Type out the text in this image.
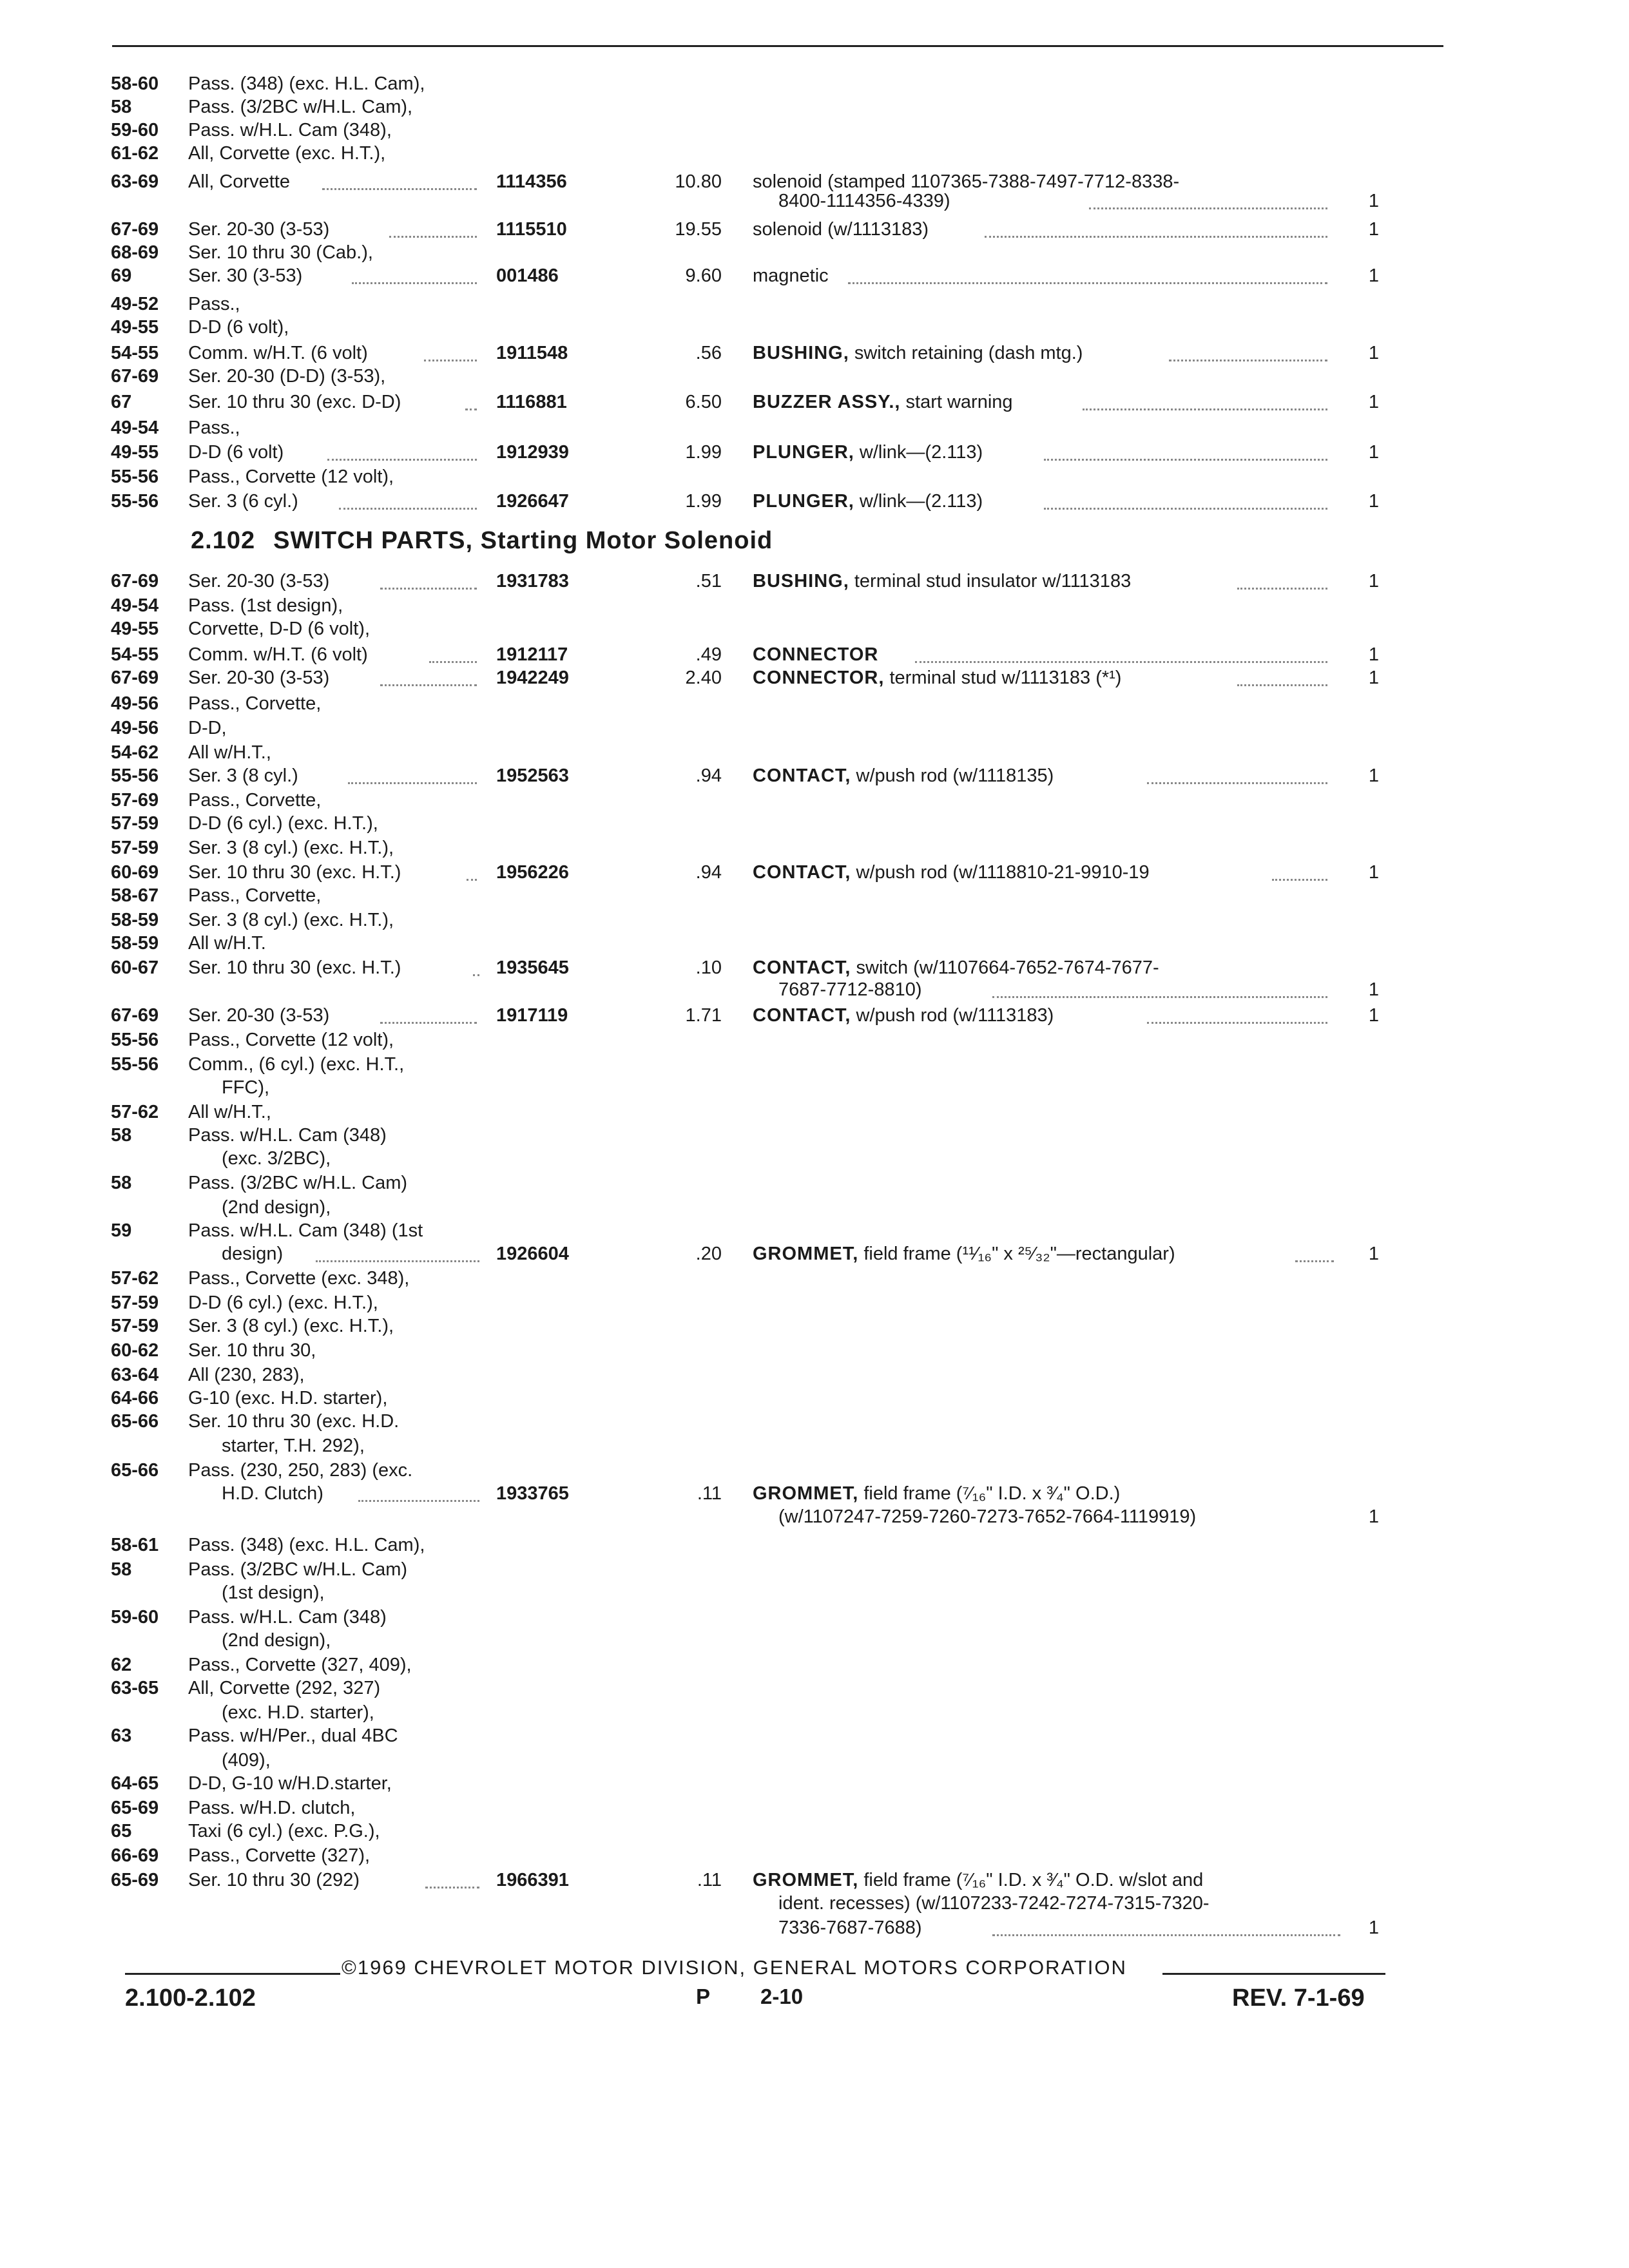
2.102 SWITCH PARTS, Starting Motor Solenoid
58-60 Pass. (348) (exc. H.L. Cam),
58	Pass. (3/2BC w/H.L. Cam),
59-60 Pass. w/H.L. Cam (348),
61-62 All, Corvette (exc. H.T.),
63-69 All, Corvette	1114356	10.80 solenoid (stamped 1107365-7388-7497-7712-8338-
8400-1114356-4339)	1
67-69 Ser. 20-30 (3-53)	1115510	19.55 solenoid (w/1113183)	1
68-69 Ser. 10 thru 30 (Cab.),
69	Ser. 30 (3-53)	001486	9.60 magnetic	1
49-52 Pass.,
49-55 D-D (6 volt),
54-55 Comm. w/H.T. (6 volt)	1911548	.56 BUSHING, switch retaining (dash mtg.)	1
67-69 Ser. 20-30 (D-D) (3-53),
67	Ser. 10 thru 30 (exc. D-D)	1116881	6.50 BUZZER ASSY., start warning	1
49-54 Pass.,
49-55 D-D (6 volt)	1912939	1.99 PLUNGER, w/link—(2.113)	1
55-56 Pass., Corvette (12 volt),
55-56 Ser. 3 (6 cyl.)	1926647	1.99 PLUNGER, w/link—(2.113)	1
67-69 Ser. 20-30 (3-53)	1931783	.51 BUSHING, terminal stud insulator w/1113183	1
49-54 Pass. (1st design),
49-55 Corvette, D-D (6 volt),
54-55 Comm. w/H.T. (6 volt)	1912117	.49 CONNECTOR	1
67-69 Ser. 20-30 (3-53)	1942249	2.40 CONNECTOR, terminal stud w/1113183 (*¹)	1
49-56 Pass., Corvette,
49-56 D-D,
54-62 All w/H.T.,
55-56 Ser. 3 (8 cyl.)	1952563	.94 CONTACT, w/push rod (w/1118135)	1
57-69 Pass., Corvette,
57-59 D-D (6 cyl.) (exc. H.T.),
57-59 Ser. 3 (8 cyl.) (exc. H.T.),
60-69 Ser. 10 thru 30 (exc. H.T.)	1956226	.94 CONTACT, w/push rod (w/1118810-21-9910-19	1
58-67 Pass., Corvette,
58-59 Ser. 3 (8 cyl.) (exc. H.T.),
58-59 All w/H.T.
60-67 Ser. 10 thru 30 (exc. H.T.)	1935645	.10 CONTACT, switch (w/1107664-7652-7674-7677-
7687-7712-8810)	1
67-69 Ser. 20-30 (3-53)	1917119	1.71 CONTACT, w/push rod (w/1113183)	1
55-56 Pass., Corvette (12 volt),
55-56 Comm., (6 cyl.) (exc. H.T.,
FFC),
57-62 All w/H.T.,
58	Pass. w/H.L. Cam (348)
(exc. 3/2BC),
58	Pass. (3/2BC w/H.L. Cam)
(2nd design),
59	Pass. w/H.L. Cam (348) (1st
design)	1926604	.20 GROMMET, field frame (¹¹⁄₁₆" x ²⁵⁄₃₂"—rectangular)	1
57-62 Pass., Corvette (exc. 348),
57-59 D-D (6 cyl.) (exc. H.T.),
57-59 Ser. 3 (8 cyl.) (exc. H.T.),
60-62 Ser. 10 thru 30,
63-64 All (230, 283),
64-66 G-10 (exc. H.D. starter),
65-66 Ser. 10 thru 30 (exc. H.D.
starter, T.H. 292),
65-66 Pass. (230, 250, 283) (exc.
H.D. Clutch)	1933765	.11 GROMMET, field frame (⁷⁄₁₆" I.D. x ³⁄₄" O.D.)
(w/1107247-7259-7260-7273-7652-7664-1119919)	1
58-61 Pass. (348) (exc. H.L. Cam),
58	Pass. (3/2BC w/H.L. Cam)
(1st design),
59-60 Pass. w/H.L. Cam (348)
(2nd design),
62	Pass., Corvette (327, 409),
63-65 All, Corvette (292, 327)
(exc. H.D. starter),
63	Pass. w/H/Per., dual 4BC
(409),
64-65 D-D, G-10 w/H.D.starter,
65-69 Pass. w/H.D. clutch,
65	Taxi (6 cyl.) (exc. P.G.),
66-69 Pass., Corvette (327),
65-69 Ser. 10 thru 30 (292)	1966391	.11 GROMMET, field frame (⁷⁄₁₆" I.D. x ³⁄₄" O.D. w/slot and
ident. recesses) (w/1107233-7242-7274-7315-7320-
7336-7687-7688)	1
©1969 CHEVROLET MOTOR DIVISION, GENERAL MOTORS CORPORATION
2.100-2.102	P 2-10	REV. 7-1-69
